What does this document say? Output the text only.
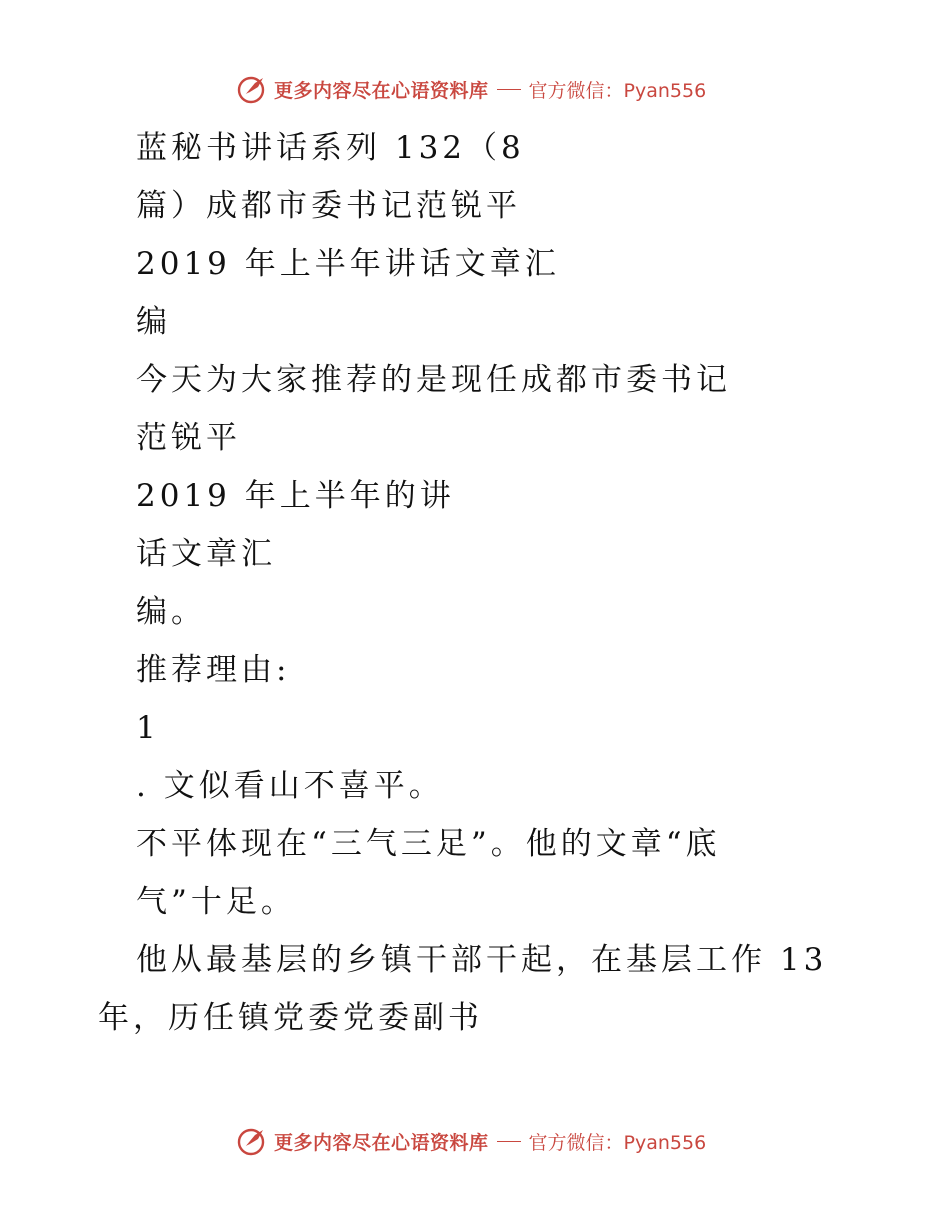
更多内容尽在心语资料库 官方微信：Pyan556
蓝秘书讲话系列 132（8
篇）成都市委书记范锐平
2019 年上半年讲话文章汇
编
今天为大家推荐的是现任成都市委书记
范锐平
2019 年上半年的讲
话文章汇
编。
推荐理由:
1
. 文似看山不喜平。
不平体现在“三气三足”。他的文章“底
气”十足。
他从最基层的乡镇干部干起，在基层工作 13
年，历任镇党委党委副书
更多内容尽在心语资料库 官方微信：Pyan556
